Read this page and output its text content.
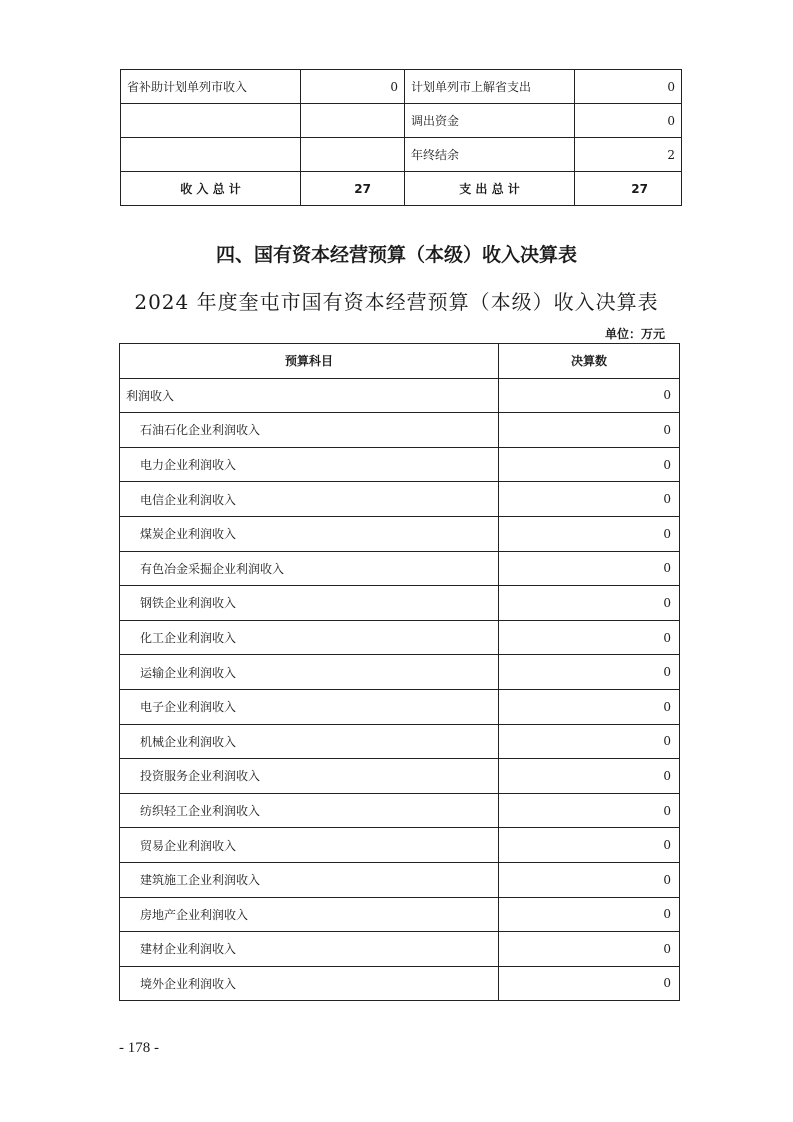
省补助计划单列市收入	0	计划单列市上解省支出	0
		调出资金	0
		年终结余	2
收 入 总 计	27	支 出 总 计	27
四、国有资本经营预算（本级）收入决算表
2024 年度奎屯市国有资本经营预算（本级）收入决算表
单位：万元
预算科目	决算数
利润收入	0
石油石化企业利润收入	0
电力企业利润收入	0
电信企业利润收入	0
煤炭企业利润收入	0
有色冶金采掘企业利润收入	0
钢铁企业利润收入	0
化工企业利润收入	0
运输企业利润收入	0
电子企业利润收入	0
机械企业利润收入	0
投资服务企业利润收入	0
纺织轻工企业利润收入	0
贸易企业利润收入	0
建筑施工企业利润收入	0
房地产企业利润收入	0
建材企业利润收入	0
境外企业利润收入	0
- 178 -
